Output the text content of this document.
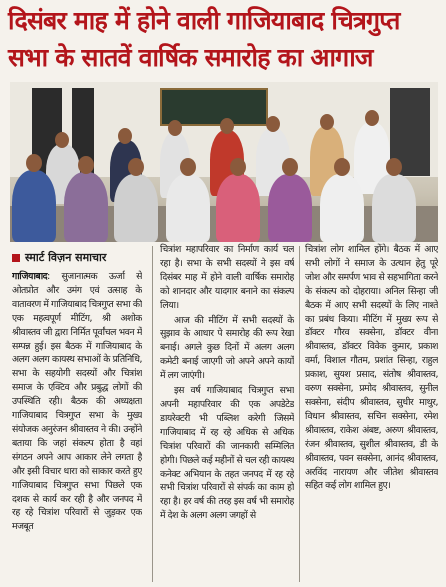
दिसंबर माह में होने वाली गाजियाबाद चित्रगुप्त सभा के सातवें वार्षिक समारोह का आगाज
स्मार्ट विज़न समाचार

गाजियाबाद: सुजानात्मक ऊर्जा से ओतप्रोत और उमंग एवं उत्साह के वातावरण में गाजियाबाद चित्रगुप्त सभा की एक महत्वपूर्ण मीटिंग, श्री अशोक श्रीवास्तव जी द्वारा निर्मित पूर्वांचल भवन में सम्पन्न हुई। इस बैठक में गाजियाबाद के अलग अलग कायस्थ सभाओं के प्रतिनिधि, सभा के सहयोगी सदस्यों और चित्रांश समाज के एक्टिव और प्रबुद्ध लोगों की उपस्थिति रही। बैठक की अध्यक्षता गाजियाबाद चित्रगुप्त सभा के मुख्य संयोजक अनुरंजन श्रीवास्तव ने की। उन्होंने बताया कि जहां संकल्प होता है वहां संगठन अपने आप आकार लेने लगता है और इसी विचार धारा को साकार करते हुए गाजियाबाद चित्रगुप्त सभा पिछले एक दशक से कार्य कर रही है और जनपद में रह रहे चित्रांश परिवारों से जुड़कर एक मजबूत

चित्रांश महापरिवार का निर्माण कार्य चल रहा है। सभा के सभी सदस्यों ने इस वर्ष दिसंबर माह में होने वाली वार्षिक समारोह को शानदार और यादगार बनाने का संकल्प लिया।

आज की मीटिंग में सभी सदस्यों के सुझाव के आधार पे समारोह की रूप रेखा बनाई। अगले कुछ दिनों में अलग अलग कमेटी बनाई जाएगी जो अपने अपने कार्यों में लग जाएंगी।

इस वर्ष गाजियाबाद चित्रगुप्त सभा अपनी महापरिवार की एक अपडेटेड डायरेक्टरी भी पब्लिश करेगी जिसमें गाजियाबाद में रह रहे अधिक से अधिक चित्रांश परिवारों की जानकारी सम्मिलित होगी। पिछले कई महीनों से चल रही कायस्थ कनेक्ट अभियान के तहत जनपद में रह रहे सभी चित्रांश परिवारों से संपर्क का काम हो रहा है। हर वर्ष की तरह इस वर्ष भी समारोह में देश के अलग अलग जगहों से

चित्रांश लोग शामिल होंगे। बैठक में आए सभी लोगों ने समाज के उत्थान हेतु पूरे जोश और समर्पण भाव से सहभागिता करने के संकल्प को दोहराया। अनिल सिन्हा जी बैठक में आए सभी सदस्यों के लिए नाश्ते का प्रबंध किया। मीटिंग में मुख्य रूप से डॉक्टर गौरव सक्सेना, डॉक्टर वीना श्रीवास्तव, डॉक्टर विवेक कुमार, प्रकाश वर्मा, विशाल गौतम, प्रशांत सिन्हा, राहुल प्रकाश, सुयश प्रसाद, संतोष श्रीवास्तव, वरुण सक्सेना, प्रमोद श्रीवास्तव, सुनील सक्सेना, संदीप श्रीवास्तव, सुधीर माथुर, विधान श्रीवास्तव, सचिन सक्सेना, रमेश श्रीवास्तव, राकेश अंबष्ट, अरुण श्रीवास्तव, रंजन श्रीवास्तव, सुशील श्रीवास्तव, डी के श्रीवास्तव, पवन सक्सेना, आनंद श्रीवास्तव, अरविंद नारायण और जीतेश श्रीवास्तव सहित कई लोग शामिल हुए।
